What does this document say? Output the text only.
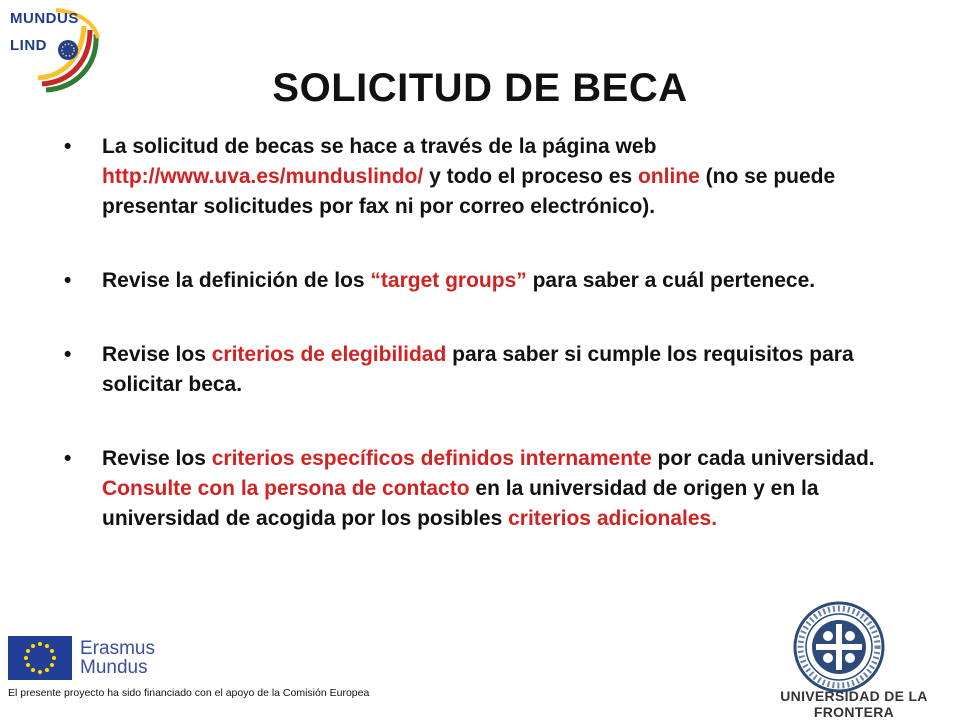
MUNDUS
LIND
SOLICITUD DE BECA
• La solicitud de becas se hace a través de la página web http://www.uva.es/munduslindo/ y todo el proceso es online (no se puede presentar solicitudes por fax ni por correo electrónico).
• Revise la definición de los “target groups” para saber a cuál pertenece.
• Revise los criterios de elegibilidad para saber si cumple los requisitos para solicitar beca.
• Revise los criterios específicos definidos internamente por cada universidad. Consulte con la persona de contacto en la universidad de origen y en la universidad de acogida por los posibles criterios adicionales.
Erasmus
Mundus
El presente proyecto ha sido financiado con el apoyo de la Comisión Europea	UNIVERSIDAD DE LA FRONTERA
